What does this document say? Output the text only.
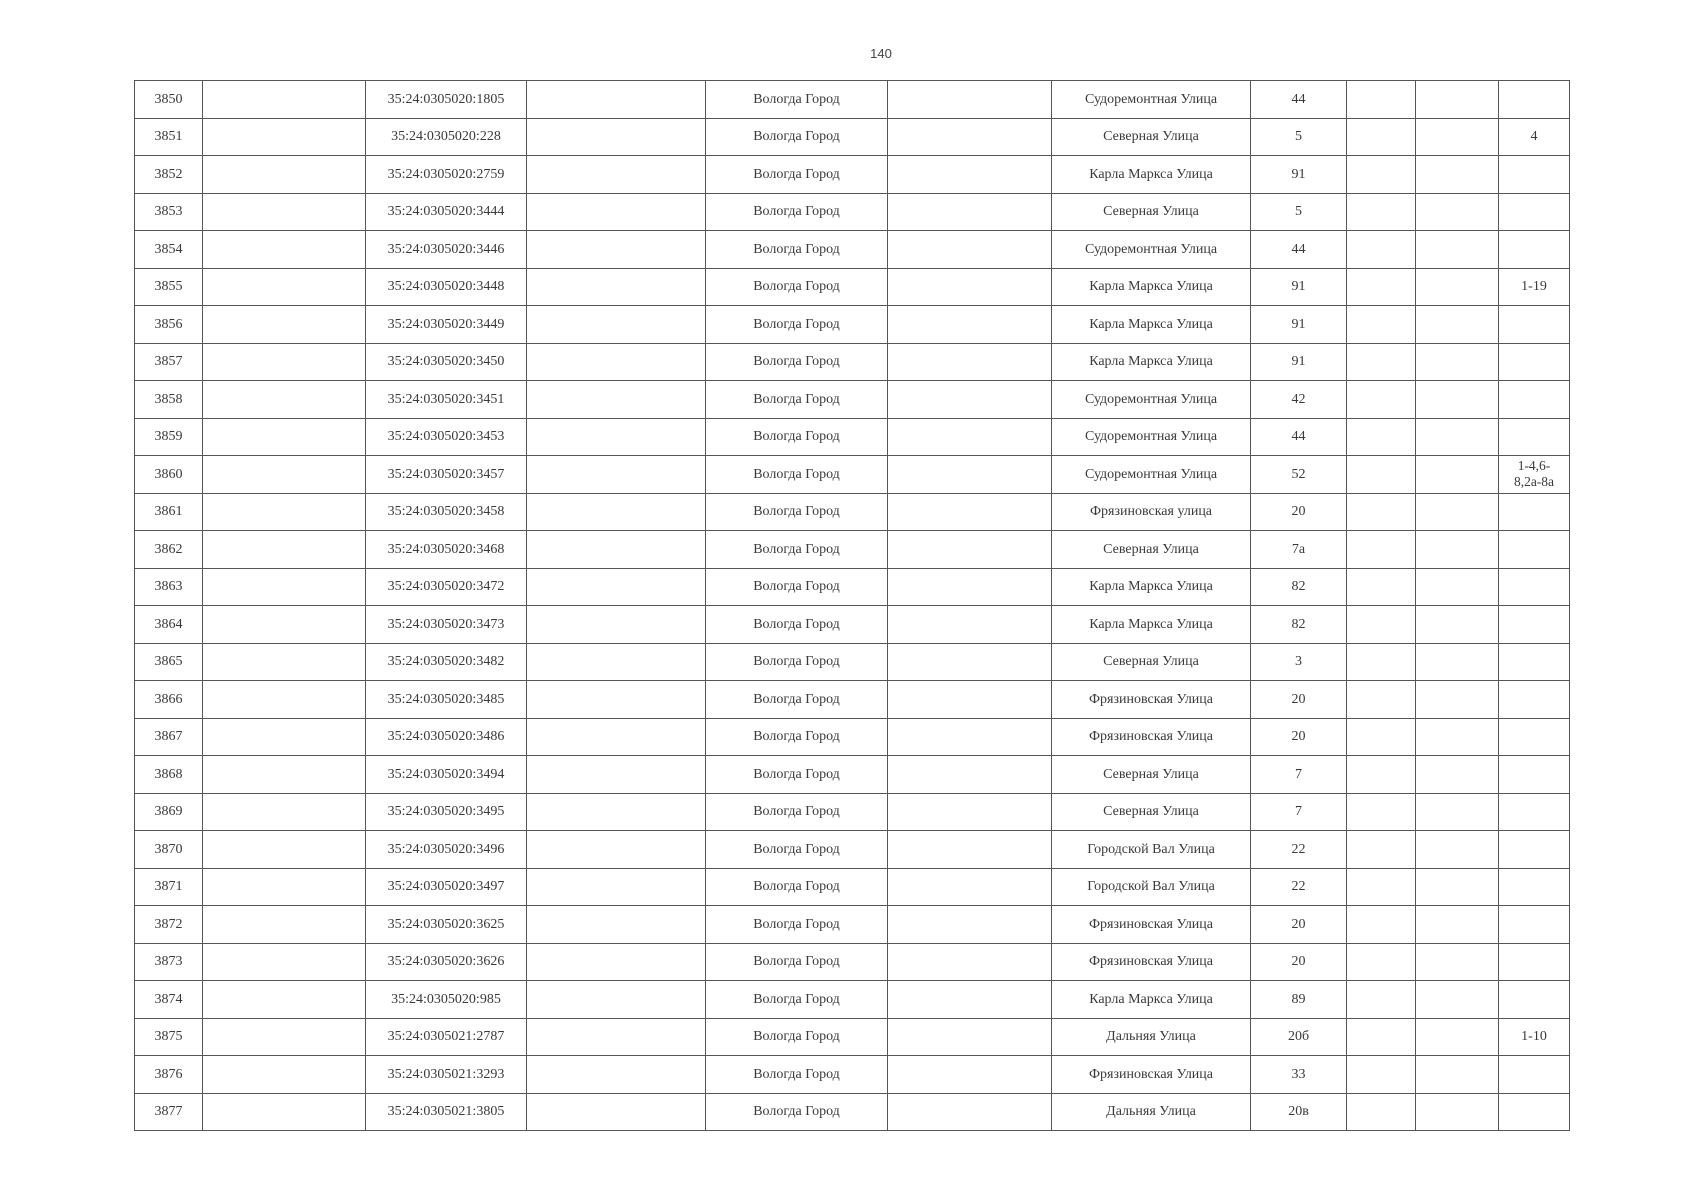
140
3850		35:24:0305020:1805		Вологда Город		Судоремонтная Улица	44			
3851		35:24:0305020:228		Вологда Город		Северная Улица	5			4
3852		35:24:0305020:2759		Вологда Город		Карла Маркса Улица	91			
3853		35:24:0305020:3444		Вологда Город		Северная Улица	5			
3854		35:24:0305020:3446		Вологда Город		Судоремонтная Улица	44			
3855		35:24:0305020:3448		Вологда Город		Карла Маркса Улица	91			1-19
3856		35:24:0305020:3449		Вологда Город		Карла Маркса Улица	91			
3857		35:24:0305020:3450		Вологда Город		Карла Маркса Улица	91			
3858		35:24:0305020:3451		Вологда Город		Судоремонтная Улица	42			
3859		35:24:0305020:3453		Вологда Город		Судоремонтная Улица	44			
3860		35:24:0305020:3457		Вологда Город		Судоремонтная Улица	52			1-4,6-8,2а-8а
3861		35:24:0305020:3458		Вологда Город		Фрязиновская улица	20			
3862		35:24:0305020:3468		Вологда Город		Северная Улица	7а			
3863		35:24:0305020:3472		Вологда Город		Карла Маркса Улица	82			
3864		35:24:0305020:3473		Вологда Город		Карла Маркса Улица	82			
3865		35:24:0305020:3482		Вологда Город		Северная Улица	3			
3866		35:24:0305020:3485		Вологда Город		Фрязиновская Улица	20			
3867		35:24:0305020:3486		Вологда Город		Фрязиновская Улица	20			
3868		35:24:0305020:3494		Вологда Город		Северная Улица	7			
3869		35:24:0305020:3495		Вологда Город		Северная Улица	7			
3870		35:24:0305020:3496		Вологда Город		Городской Вал Улица	22			
3871		35:24:0305020:3497		Вологда Город		Городской Вал Улица	22			
3872		35:24:0305020:3625		Вологда Город		Фрязиновская Улица	20			
3873		35:24:0305020:3626		Вологда Город		Фрязиновская Улица	20			
3874		35:24:0305020:985		Вологда Город		Карла Маркса Улица	89			
3875		35:24:0305021:2787		Вологда Город		Дальняя Улица	20б			1-10
3876		35:24:0305021:3293		Вологда Город		Фрязиновская Улица	33			
3877		35:24:0305021:3805		Вологда Город		Дальняя Улица	20в			
